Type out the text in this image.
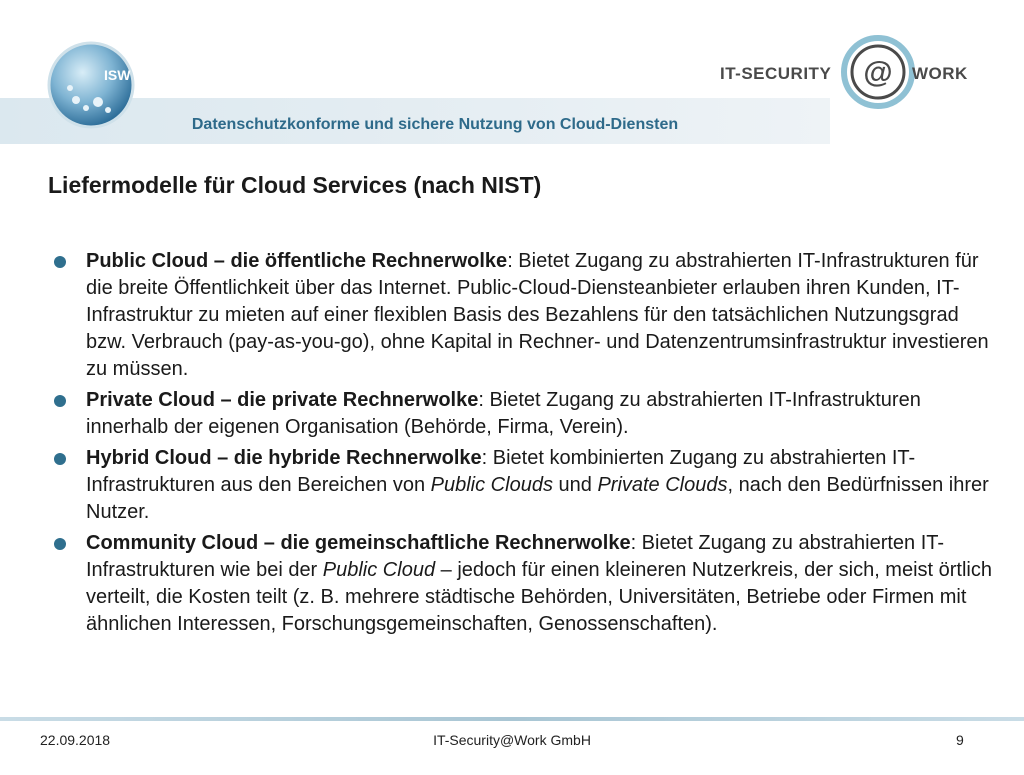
ISW	IT-SECURITY @ WORK
Datenschutzkonforme und sichere Nutzung von Cloud-Diensten
Liefermodelle für Cloud Services (nach NIST)
Public Cloud – die öffentliche Rechnerwolke: Bietet Zugang zu abstrahierten IT-Infrastrukturen für die breite Öffentlichkeit über das Internet. Public-Cloud-Diensteanbieter erlauben ihren Kunden, IT-Infrastruktur zu mieten auf einer flexiblen Basis des Bezahlens für den tatsächlichen Nutzungsgrad bzw. Verbrauch (pay-as-you-go), ohne Kapital in Rechner- und Datenzentrumsinfrastruktur investieren zu müssen.
Private Cloud – die private Rechnerwolke: Bietet Zugang zu abstrahierten IT-Infrastrukturen innerhalb der eigenen Organisation (Behörde, Firma, Verein).
Hybrid Cloud – die hybride Rechnerwolke: Bietet kombinierten Zugang zu abstrahierten IT-Infrastrukturen aus den Bereichen von Public Clouds und Private Clouds, nach den Bedürfnissen ihrer Nutzer.
Community Cloud – die gemeinschaftliche Rechnerwolke: Bietet Zugang zu abstrahierten IT-Infrastrukturen wie bei der Public Cloud – jedoch für einen kleineren Nutzerkreis, der sich, meist örtlich verteilt, die Kosten teilt (z. B. mehrere städtische Behörden, Universitäten, Betriebe oder Firmen mit ähnlichen Interessen, Forschungsgemeinschaften, Genossenschaften).
22.09.2018	IT-Security@Work GmbH	9
